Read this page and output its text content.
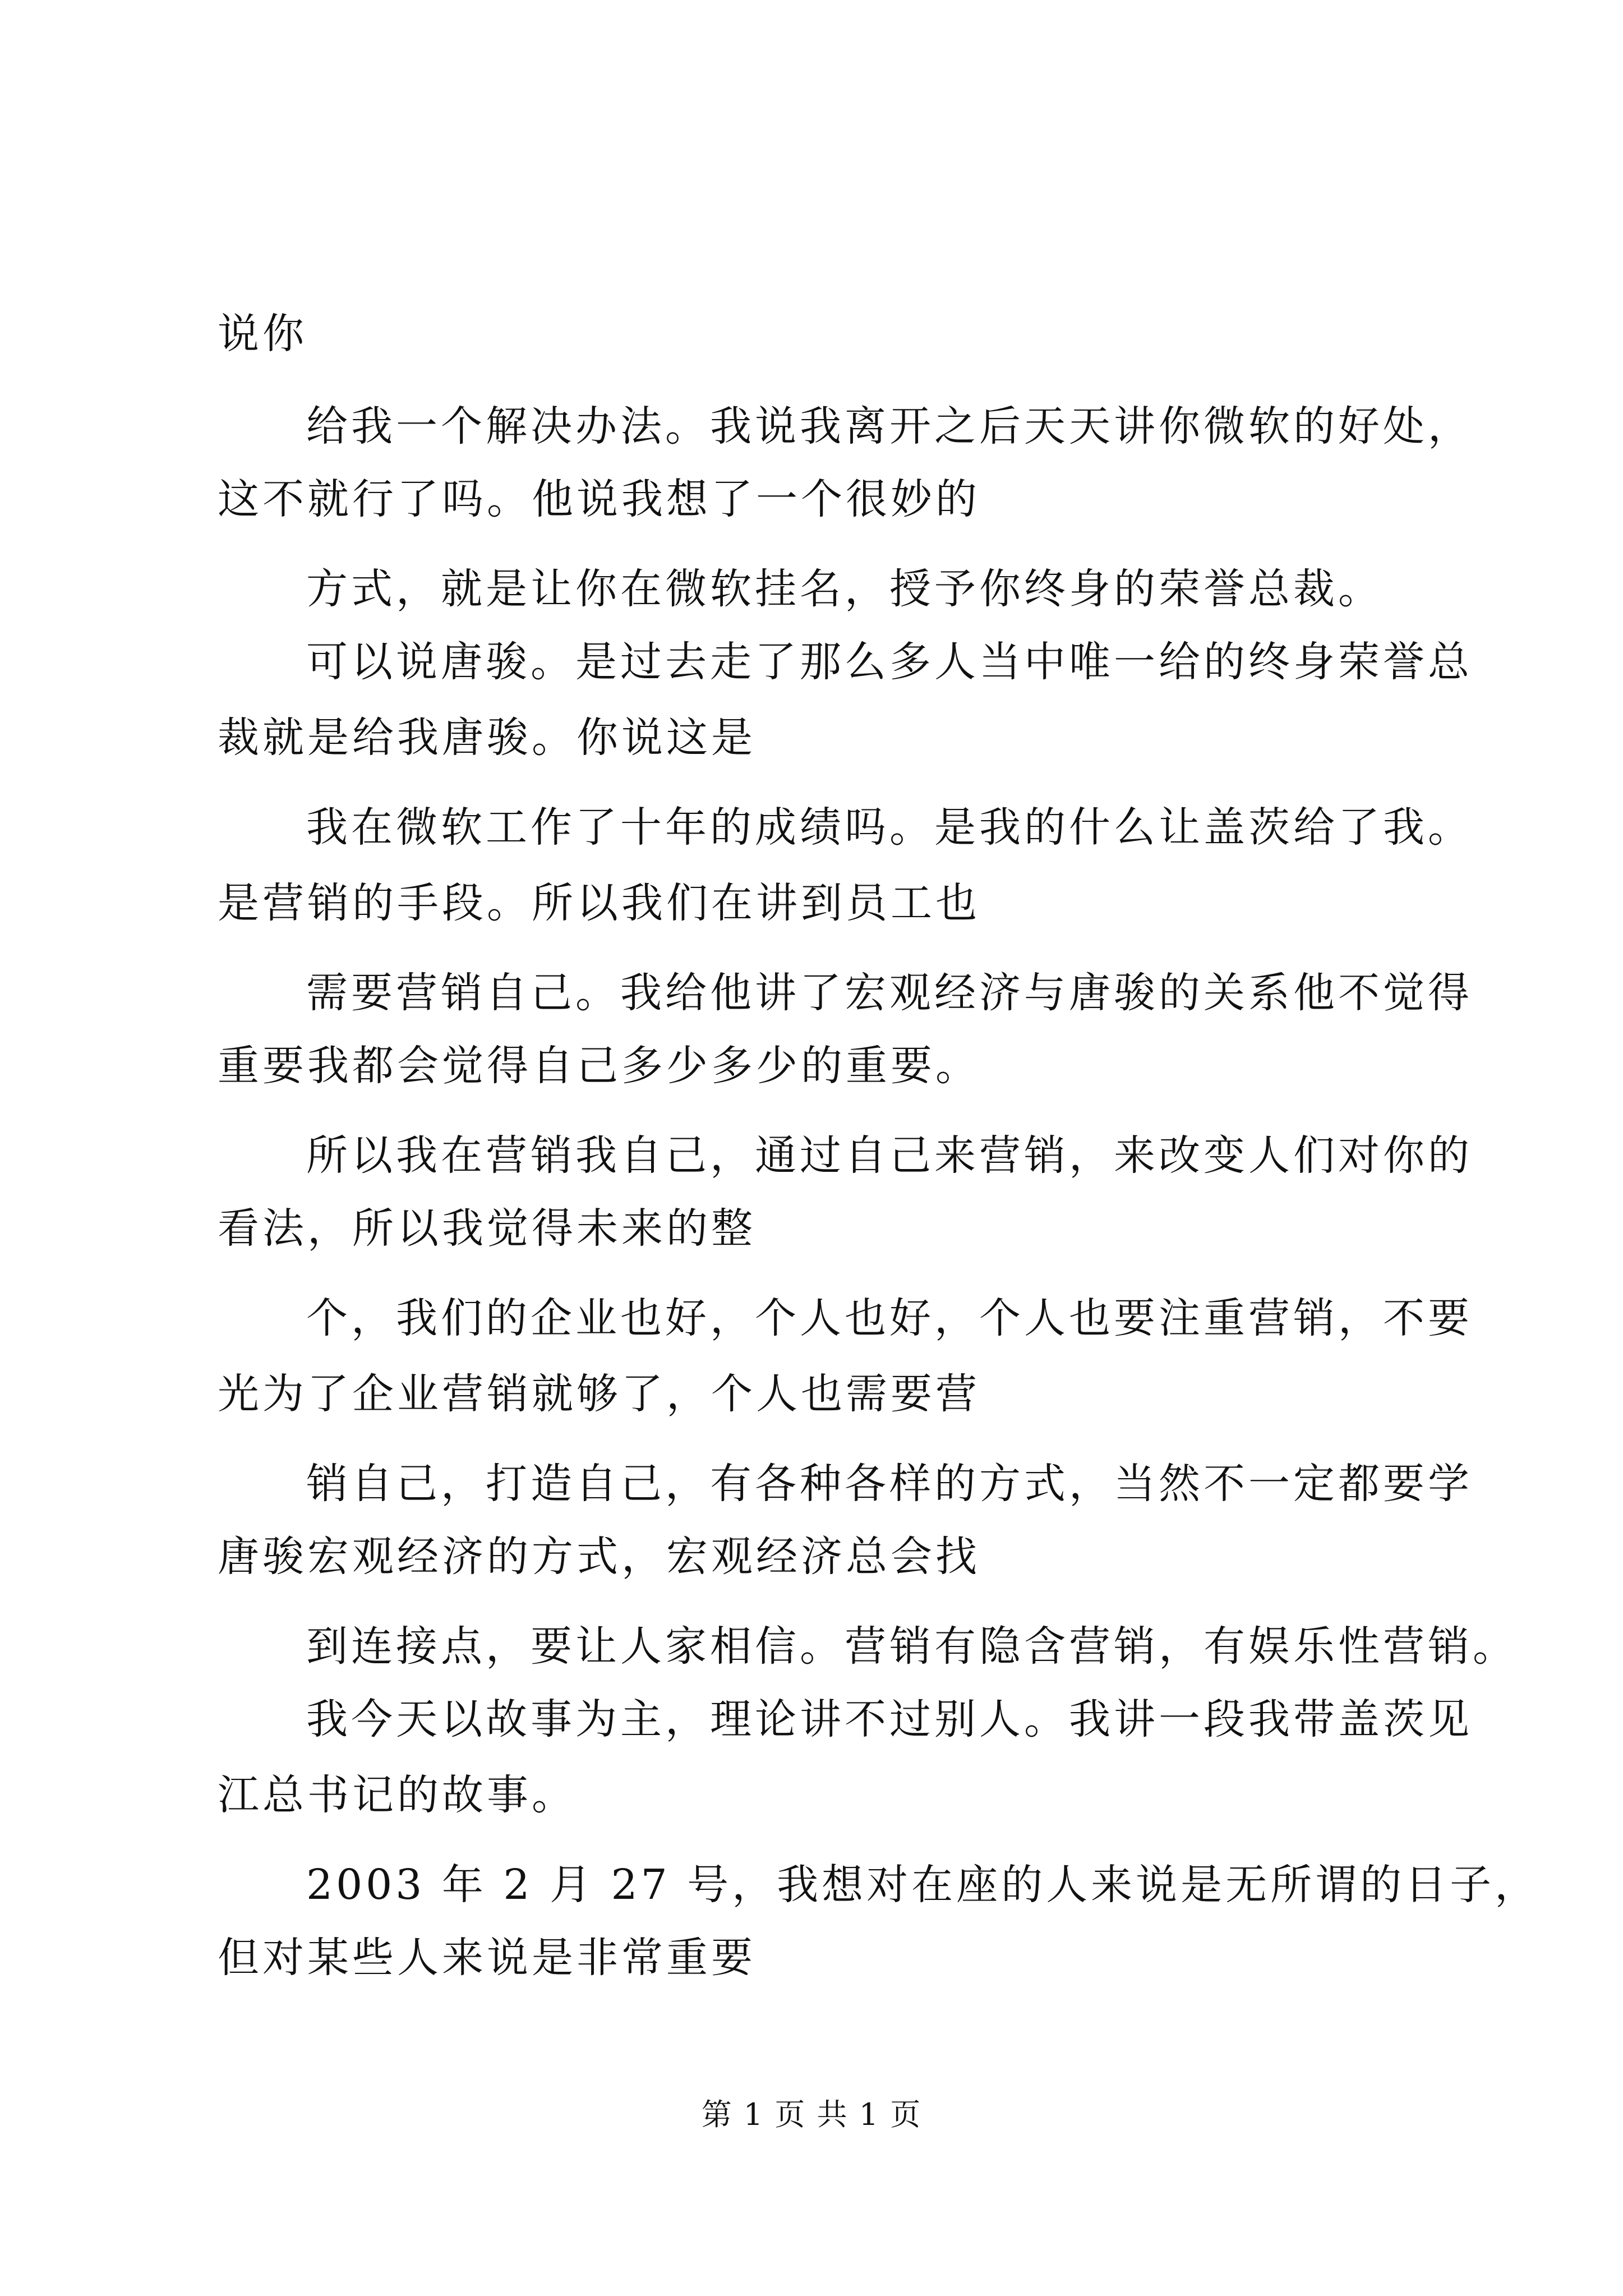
说你
给我一个解决办法。我说我离开之后天天讲你微软的好处，
这不就行了吗。他说我想了一个很妙的
方式，就是让你在微软挂名，授予你终身的荣誉总裁。
可以说唐骏。是过去走了那么多人当中唯一给的终身荣誉总
裁就是给我唐骏。你说这是
我在微软工作了十年的成绩吗。是我的什么让盖茨给了我。
是营销的手段。所以我们在讲到员工也
需要营销自己。我给他讲了宏观经济与唐骏的关系他不觉得
重要我都会觉得自己多少多少的重要。
所以我在营销我自己，通过自己来营销，来改变人们对你的
看法，所以我觉得未来的整
个，我们的企业也好，个人也好，个人也要注重营销，不要
光为了企业营销就够了，个人也需要营
销自己，打造自己，有各种各样的方式，当然不一定都要学
唐骏宏观经济的方式，宏观经济总会找
到连接点，要让人家相信。营销有隐含营销，有娱乐性营销。
我今天以故事为主，理论讲不过别人。我讲一段我带盖茨见
江总书记的故事。
2003 年 2 月 27 号，我想对在座的人来说是无所谓的日子，
但对某些人来说是非常重要
第 1 页 共 1 页
